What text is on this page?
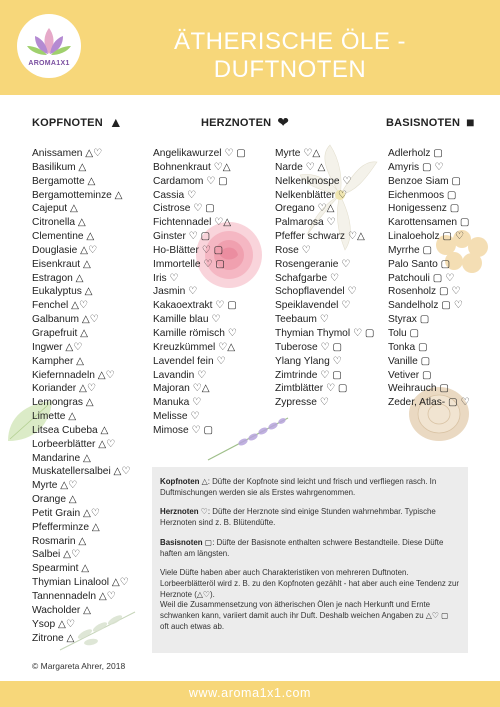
AROMA1X1
ÄTHERISCHE ÖLE - DUFTNOTEN
KOPFNOTEN ▲	HERZNOTEN ❤	BASISNOTEN ■
Anissamen △♡
Basilikum △
Bergamotte △
Bergamotteminze △
Cajeput △
Citronella △
Clementine △
Douglasie △♡
Eisenkraut △
Estragon △
Eukalyptus △
Fenchel △♡
Galbanum △♡
Grapefruit △
Ingwer △♡
Kampher △
Kiefernnadeln △♡
Koriander △♡
Lemongras △
Limette △
Litsea Cubeba △
Lorbeerblätter △♡
Mandarine △
Muskatellersalbei △♡
Myrte △♡
Orange △
Petit Grain △♡
Pfefferminze △
Rosmarin △
Salbei △♡
Spearmint △
Thymian Linalool △♡
Tannennadeln △♡
Wacholder △
Ysop △♡
Zitrone △
Angelikawurzel ♡ ▢
Bohnenkraut ♡△
Cardamom ♡ ▢
Cassia ♡
Cistrose ♡ ▢
Fichtennadel ♡△
Ginster ♡ ▢
Ho-Blätter ♡ ▢
Immortelle ♡ ▢
Iris ♡
Jasmin ♡
Kakaoextrakt ♡ ▢
Kamille blau ♡
Kamille römisch ♡
Kreuzkümmel ♡△
Lavendel fein ♡
Lavandin ♡
Majoran ♡△
Manuka ♡
Melisse ♡
Mimose ♡ ▢
Myrte ♡△
Narde ♡ △
Nelkenknospe ♡
Nelkenblätter ♡
Oregano ♡△
Palmarosa ♡
Pfeffer schwarz ♡△
Rose ♡
Rosengeranie ♡
Schafgarbe ♡
Schopflavendel ♡
Speiklavendel ♡
Teebaum ♡
Thymian Thymol ♡ ▢
Tuberose ♡ ▢
Ylang Ylang ♡
Zimtrinde ♡ ▢
Zimtblätter ♡ ▢
Zypresse ♡
Adlerholz ▢
Amyris ▢ ♡
Benzoe Siam ▢
Eichenmoos ▢
Honigessenz ▢
Karottensamen ▢
Linaloeholz ▢ ♡
Myrrhe ▢
Palo Santo ▢
Patchouli ▢ ♡
Rosenholz ▢ ♡
Sandelholz ▢ ♡
Styrax ▢
Tolu ▢
Tonka ▢
Vanille ▢
Vetiver ▢
Weihrauch ▢
Zeder, Atlas- ▢ ♡

Kopfnoten △: Düfte der Kopfnote sind leicht und frisch und verfliegen rasch. In Duftmischungen werden sie als Erstes wahrgenommen.

Herznoten ♡: Düfte der Herznote sind einige Stunden wahrnehmbar. Typische Herznoten sind z. B. Blütendüfte.

Basisnoten ▢: Düfte der Basisnote enthalten schwere Bestandteile. Diese Düfte haften am längsten.

Viele Düfte haben aber auch Charakteristiken von mehreren Duftnoten. Lorbeerblätteröl wird z. B. zu den Kopfnoten gezählt - hat aber auch eine Tendenz zur Herznote (△♡).
Weil die Zusammensetzung von ätherischen Ölen je nach Herkunft und Ernte schwanken kann, variiert damit auch ihr Duft. Deshalb weichen Angaben zu △♡ ▢ oft auch etwas ab.

© Margareta Ahrer, 2018
www.aroma1x1.com
